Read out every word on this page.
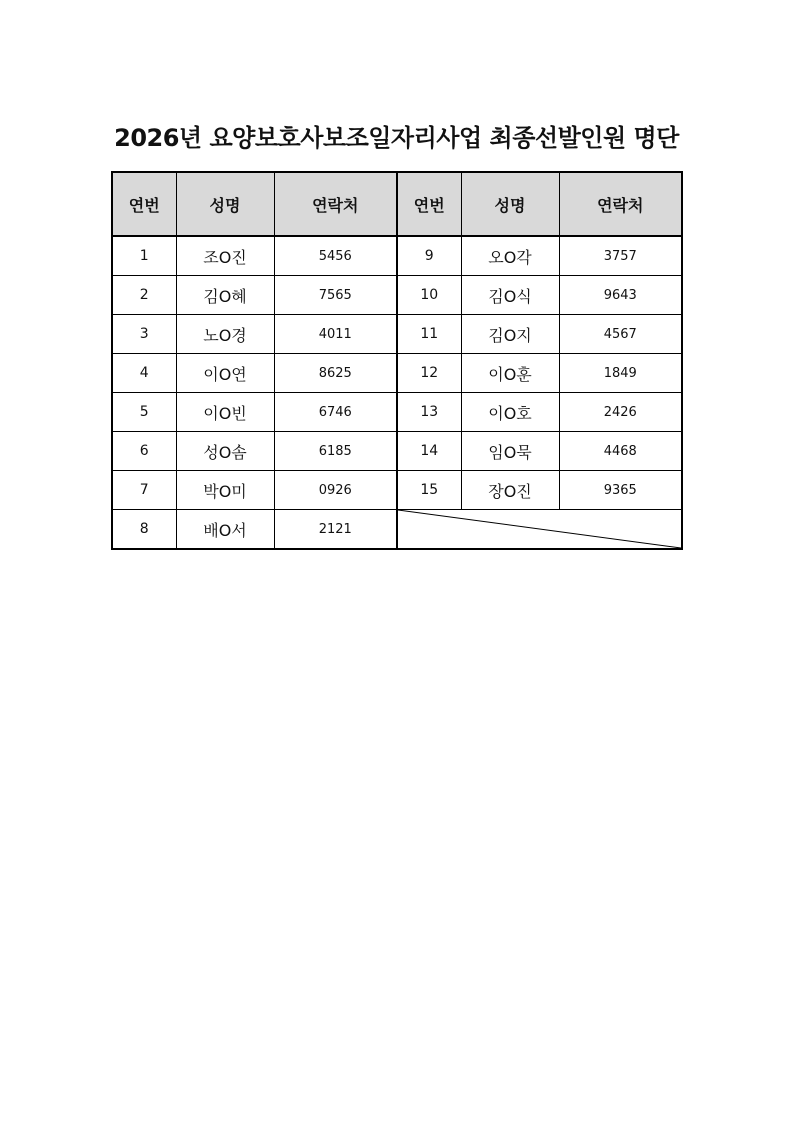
2026년 요양보호사보조일자리사업 최종선발인원 명단
연번	성명	연락처	연번	성명	연락처
1	조O진	5456	9	오O각	3757
2	김O혜	7565	10	김O식	9643
3	노O경	4011	11	김O지	4567
4	이O연	8625	12	이O훈	1849
5	이O빈	6746	13	이O호	2426
6	성O솜	6185	14	임O묵	4468
7	박O미	0926	15	장O진	9365
8	배O서	2121	
